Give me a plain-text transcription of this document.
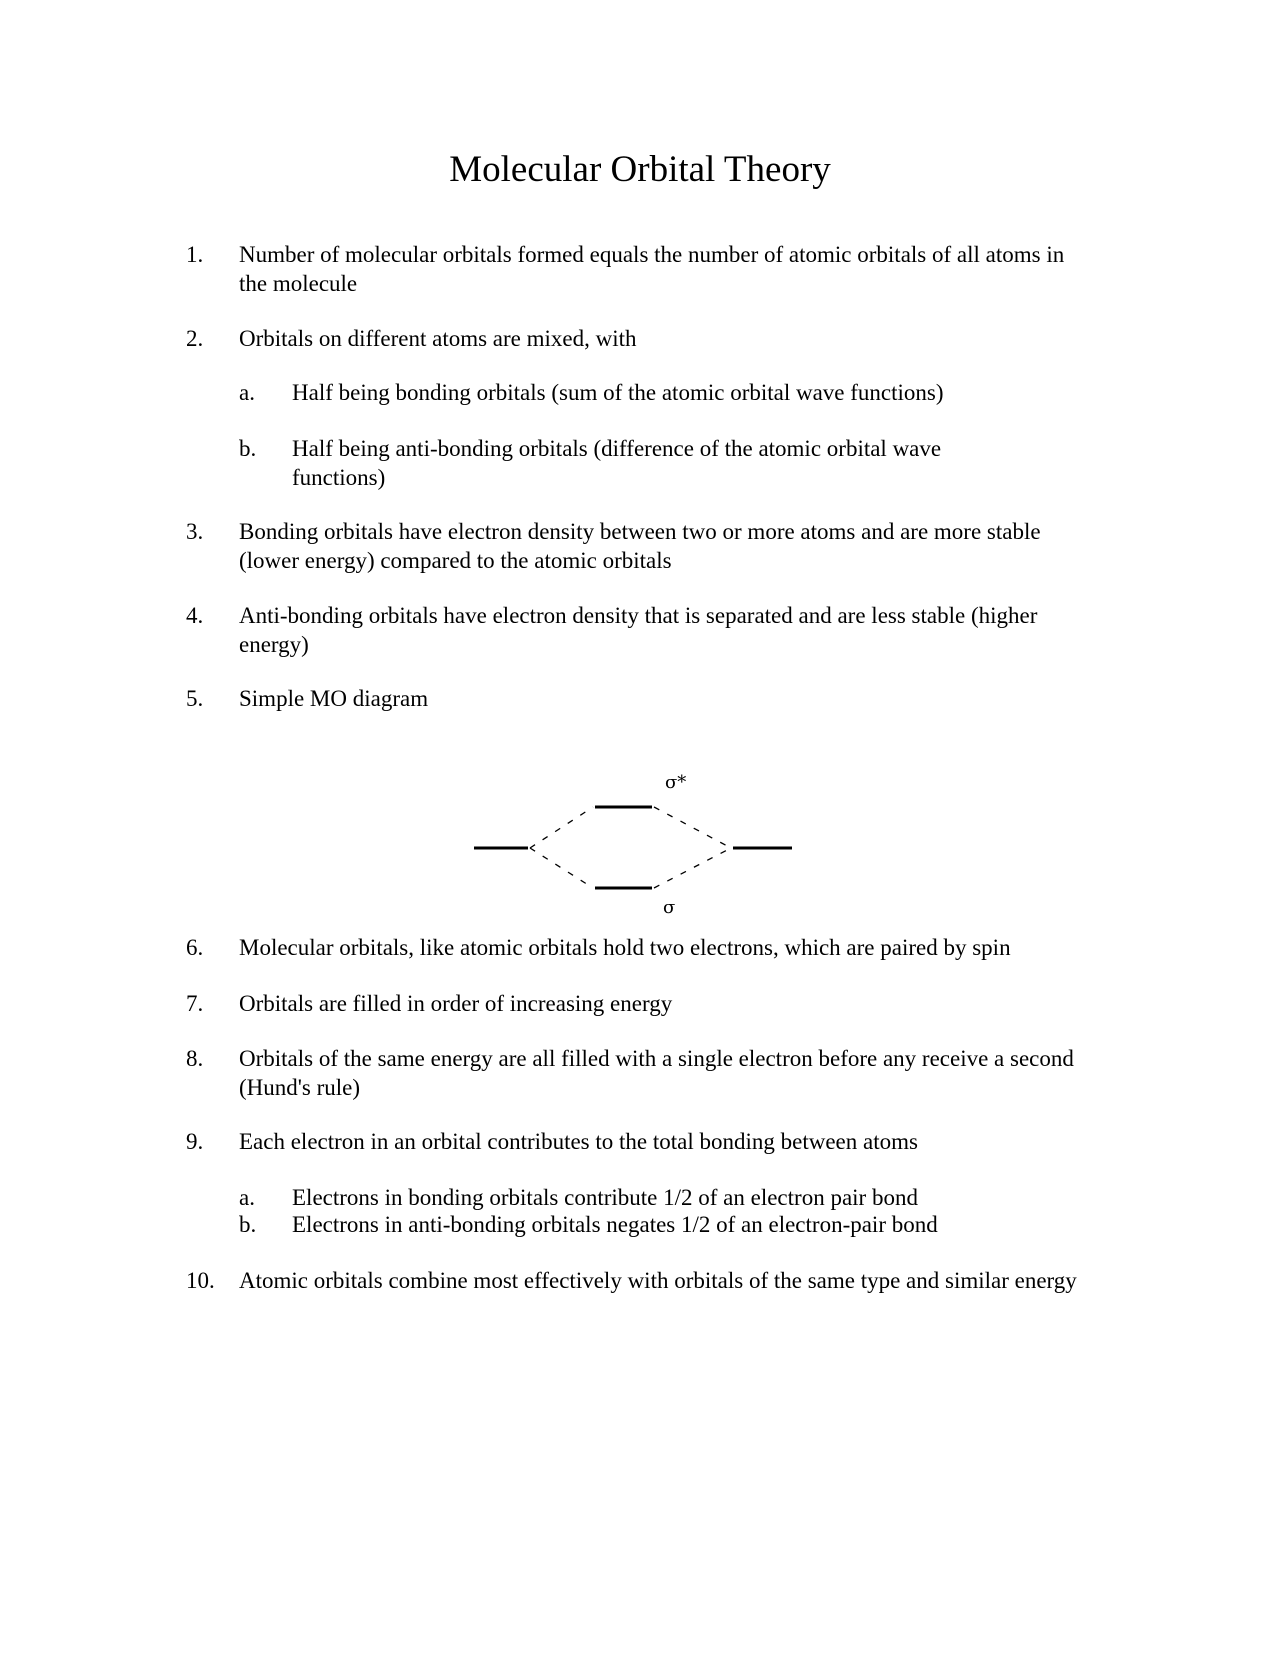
Molecular Orbital Theory
1.	Number of molecular orbitals formed equals the number of atomic orbitals of all atoms in the molecule
2.	Orbitals on different atoms are mixed, with
a.	Half being bonding orbitals (sum of the atomic orbital wave functions)
b.	Half being anti-bonding orbitals (difference of the atomic orbital wave functions)
3.	Bonding orbitals have electron density between two or more atoms and are more stable (lower energy) compared to the atomic orbitals
4.	Anti-bonding orbitals have electron density that is separated and are less stable (higher energy)
5.	Simple MO diagram
σ*
σ
6.	Molecular orbitals, like atomic orbitals hold two electrons, which are paired by spin
7.	Orbitals are filled in order of increasing energy
8.	Orbitals of the same energy are all filled with a single electron before any receive a second (Hund's rule)
9.	Each electron in an orbital contributes to the total bonding between atoms
a.	Electrons in bonding orbitals contribute 1/2 of an electron pair bond
b.	Electrons in anti-bonding orbitals negates 1/2 of an electron-pair bond
10.	Atomic orbitals combine most effectively with orbitals of the same type and similar energy
